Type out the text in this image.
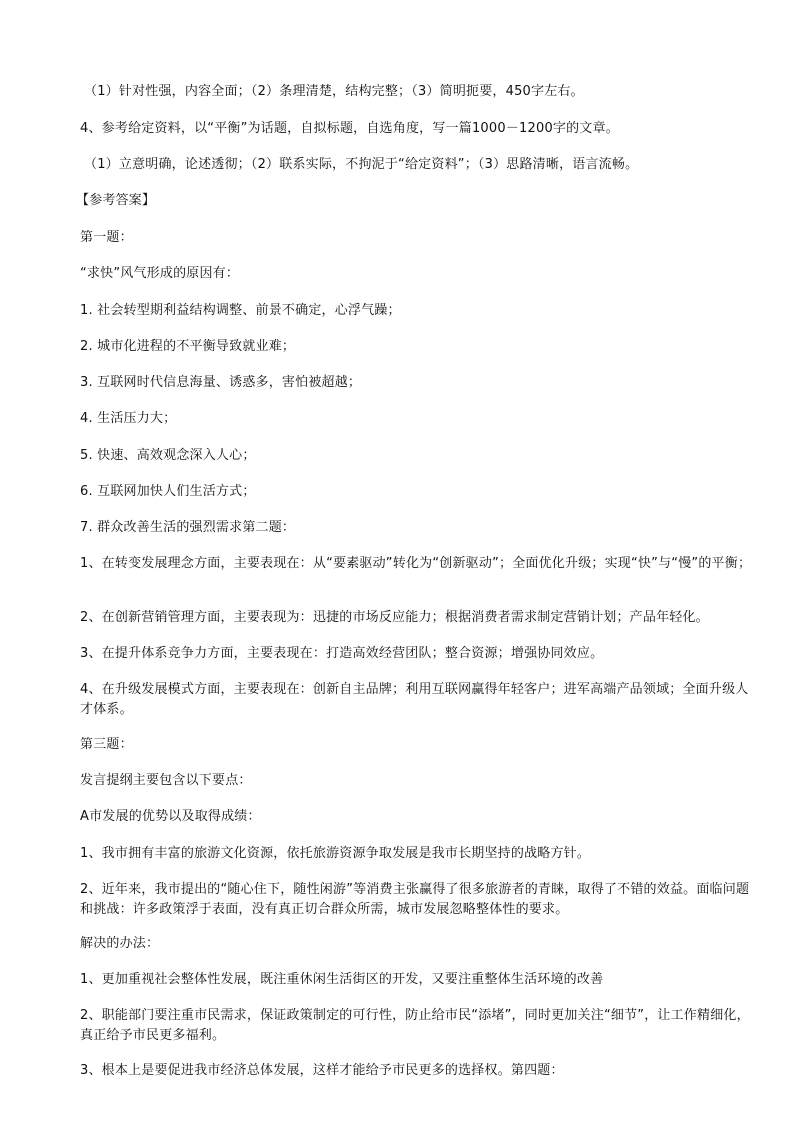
（1）针对性强，内容全面；（2）条理清楚，结构完整；（3）简明扼要，450字左右。
4、参考给定资料，以“平衡”为话题，自拟标题，自选角度，写一篇1000－1200字的文章。
（1）立意明确，论述透彻；（2）联系实际，不拘泥于“给定资料”；（3）思路清晰，语言流畅。
【参考答案】
第一题：
“求快”风气形成的原因有：
1. 社会转型期利益结构调整、前景不确定，心浮气躁；
2. 城市化进程的不平衡导致就业难；
3. 互联网时代信息海量、诱惑多，害怕被超越；
4. 生活压力大；
5. 快速、高效观念深入人心；
6. 互联网加快人们生活方式；
7. 群众改善生活的强烈需求第二题：
1、在转变发展理念方面，主要表现在：从“要素驱动”转化为“创新驱动”；全面优化升级；实现“快”与“慢”的平衡；
2、在创新营销管理方面，主要表现为：迅捷的市场反应能力；根据消费者需求制定营销计划；产品年轻化。
3、在提升体系竞争力方面，主要表现在：打造高效经营团队；整合资源；增强协同效应。
4、在升级发展模式方面，主要表现在：创新自主品牌；利用互联网赢得年轻客户；进军高端产品领域；全面升级人才体系。
第三题：
发言提纲主要包含以下要点：
A市发展的优势以及取得成绩：
1、我市拥有丰富的旅游文化资源，依托旅游资源争取发展是我市长期坚持的战略方针。
2、近年来，我市提出的“随心住下，随性闲游”等消费主张赢得了很多旅游者的青睐，取得了不错的效益。面临问题和挑战：许多政策浮于表面，没有真正切合群众所需，城市发展忽略整体性的要求。
解决的办法：
1、更加重视社会整体性发展，既注重休闲生活街区的开发，又要注重整体生活环境的改善
2、职能部门要注重市民需求，保证政策制定的可行性，防止给市民“添堵”，同时更加关注“细节”，让工作精细化，真正给予市民更多福利。
3、根本上是要促进我市经济总体发展，这样才能给予市民更多的选择权。第四题：
